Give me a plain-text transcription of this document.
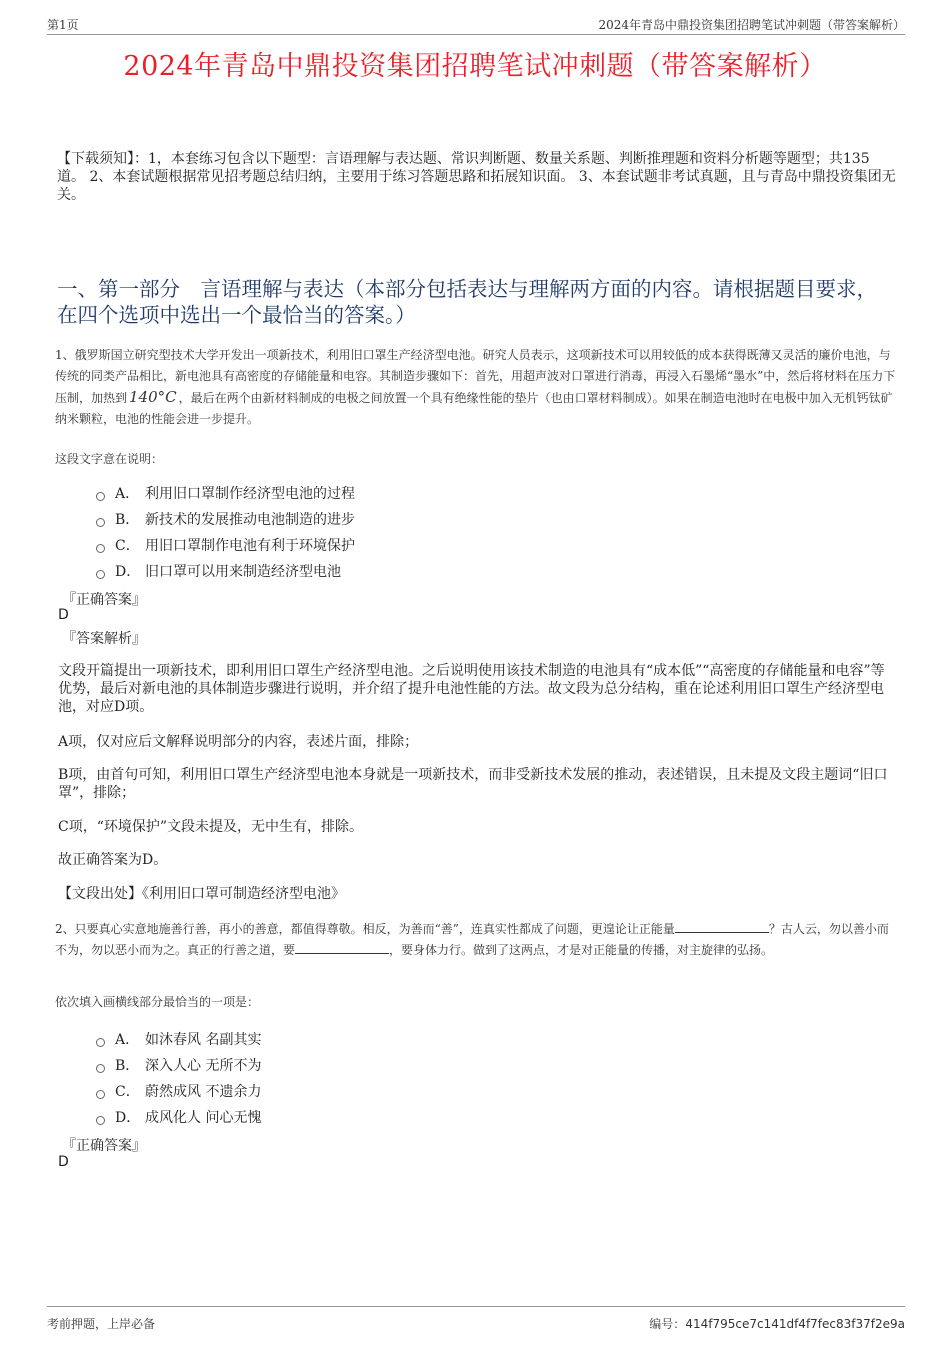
第1页	2024年青岛中鼎投资集团招聘笔试冲刺题（带答案解析）
2024年青岛中鼎投资集团招聘笔试冲刺题（带答案解析）
【下载须知】：1，本套练习包含以下题型：言语理解与表达题、常识判断题、数量关系题、判断推理题和资料分析题等题型；共135道。 2、本套试题根据常见招考题总结归纳，主要用于练习答题思路和拓展知识面。 3、本套试题非考试真题，且与青岛中鼎投资集团无关。
一、第一部分　言语理解与表达（本部分包括表达与理解两方面的内容。请根据题目要求，在四个选项中选出一个最恰当的答案。）
1、俄罗斯国立研究型技术大学开发出一项新技术，利用旧口罩生产经济型电池。研究人员表示，这项新技术可以用较低的成本获得既薄又灵活的廉价电池，与传统的同类产品相比，新电池具有高密度的存储能量和电容。其制造步骤如下：首先，用超声波对口罩进行消毒，再浸入石墨烯“墨水”中，然后将材料在压力下压制，加热到 140°C ，最后在两个由新材料制成的电极之间放置一个具有绝缘性能的垫片（也由口罩材料制成）。如果在制造电池时在电极中加入无机钙钛矿纳米颗粒，电池的性能会进一步提升。
这段文字意在说明：
A． 利用旧口罩制作经济型电池的过程
B． 新技术的发展推动电池制造的进步
C． 用旧口罩制作电池有利于环境保护
D． 旧口罩可以用来制造经济型电池
『正确答案』
D
『答案解析』
文段开篇提出一项新技术，即利用旧口罩生产经济型电池。之后说明使用该技术制造的电池具有“成本低”“高密度的存储能量和电容”等优势，最后对新电池的具体制造步骤进行说明，并介绍了提升电池性能的方法。故文段为总分结构，重在论述利用旧口罩生产经济型电池，对应D项。
A项，仅对应后文解释说明部分的内容，表述片面，排除；
B项，由首句可知，利用旧口罩生产经济型电池本身就是一项新技术，而非受新技术发展的推动，表述错误，且未提及文段主题词“旧口罩”，排除；
C项，“环境保护”文段未提及，无中生有，排除。
故正确答案为D。
【文段出处】《利用旧口罩可制造经济型电池》
2、只要真心实意地施善行善，再小的善意，都值得尊敬。相反，为善而“善”，连真实性都成了问题，更遑论让正能量	？古人云，勿以善小而不为，勿以恶小而为之。真正的行善之道，要	，要身体力行。做到了这两点，才是对正能量的传播，对主旋律的弘扬。
依次填入画横线部分最恰当的一项是：
A． 如沐春风 名副其实
B． 深入人心 无所不为
C． 蔚然成风 不遗余力
D． 成风化人 问心无愧
『正确答案』
D
考前押题，上岸必备	编号：414f795ce7c141df4f7fec83f37f2e9a
